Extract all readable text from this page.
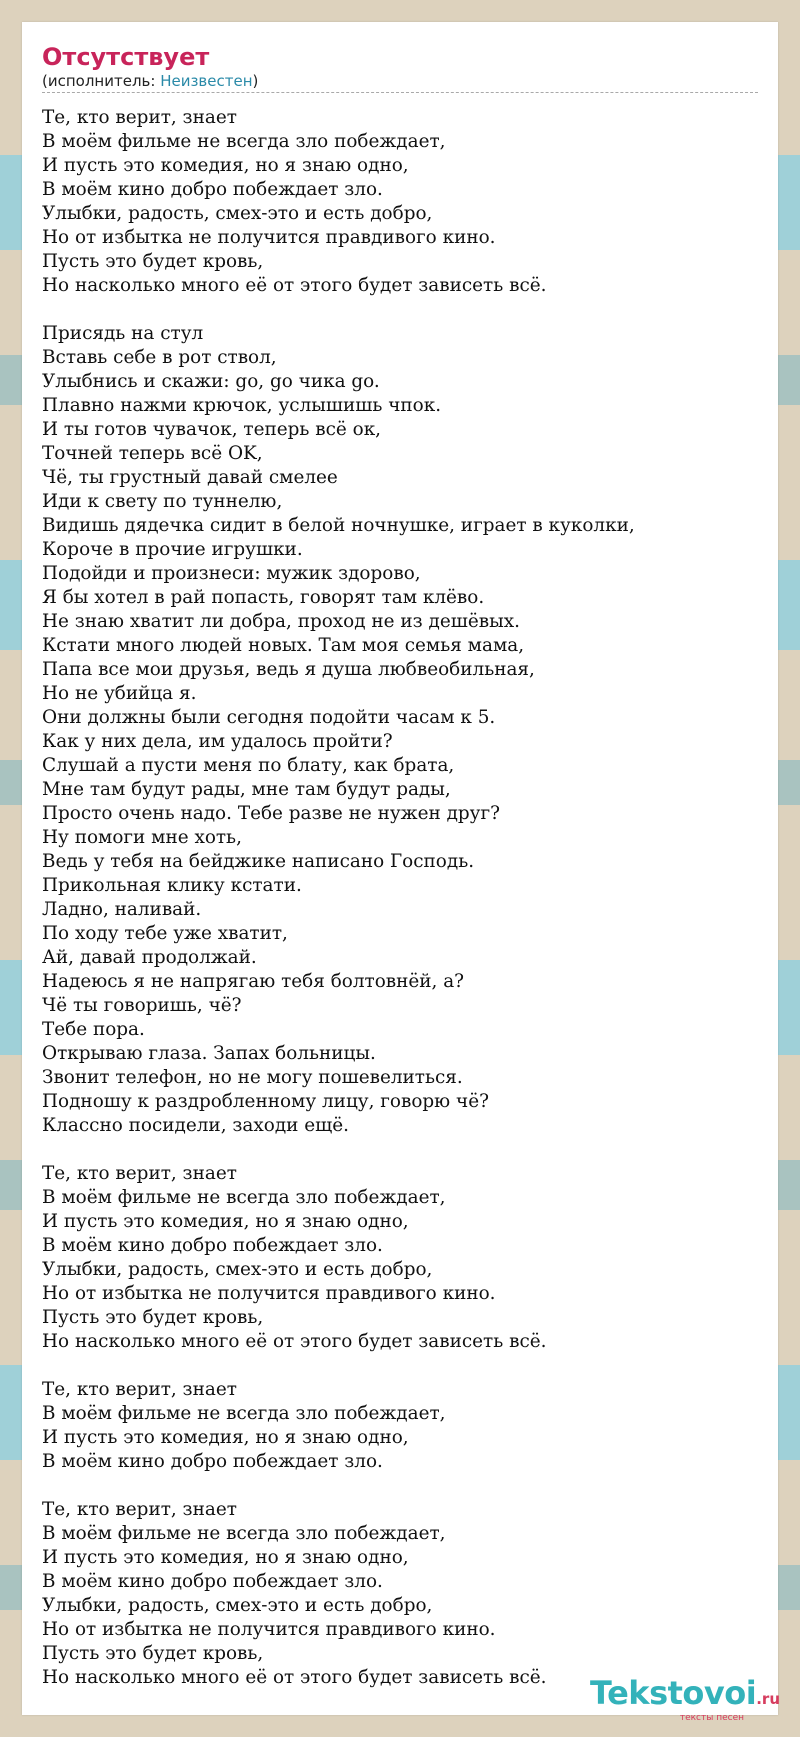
Отсутствует
(исполнитель: Неизвестен)
Те, кто верит, знает
В моём фильме не всегда зло побеждает,
И пусть это комедия, но я знаю одно,
В моём кино добро побеждает зло.
Улыбки, радость, смех-это и есть добро,
Но от избытка не получится правдивого кино.
Пусть это будет кровь,
Но насколько много её от этого будет зависеть всё.
Присядь на стул
Вставь себе в рот ствол,
Улыбнись и скажи: go, go чика go.
Плавно нажми крючок, услышишь чпок.
И ты готов чувачок, теперь всё ок,
Точней теперь всё OK,
Чё, ты грустный давай смелее
Иди к свету по туннелю,
Видишь дядечка сидит в белой ночнушке, играет в куколки,
Короче в прочие игрушки.
Подойди и произнеси: мужик здорово,
Я бы хотел в рай попасть, говорят там клёво.
Не знаю хватит ли добра, проход не из дешёвых.
Кстати много людей новых. Там моя семья мама,
Папа все мои друзья, ведь я душа любвеобильная,
Но не убийца я.
Они должны были сегодня подойти часам к 5.
Как у них дела, им удалось пройти?
Слушай а пусти меня по блату, как брата,
Мне там будут рады, мне там будут рады,
Просто очень надо. Тебе разве не нужен друг?
Ну помоги мне хоть,
Ведь у тебя на бейджике написано Господь.
Прикольная клику кстати.
Ладно, наливай.
По ходу тебе уже хватит,
Ай, давай продолжай.
Надеюсь я не напрягаю тебя болтовнёй, а?
Чё ты говоришь, чё?
Тебе пора.
Открываю глаза. Запах больницы.
Звонит телефон, но не могу пошевелиться.
Подношу к раздробленному лицу, говорю чё?
Классно посидели, заходи ещё.
Те, кто верит, знает
В моём фильме не всегда зло побеждает,
И пусть это комедия, но я знаю одно,
В моём кино добро побеждает зло.
Улыбки, радость, смех-это и есть добро,
Но от избытка не получится правдивого кино.
Пусть это будет кровь,
Но насколько много её от этого будет зависеть всё.
Те, кто верит, знает
В моём фильме не всегда зло побеждает,
И пусть это комедия, но я знаю одно,
В моём кино добро побеждает зло.
Те, кто верит, знает
В моём фильме не всегда зло побеждает,
И пусть это комедия, но я знаю одно,
В моём кино добро побеждает зло.
Улыбки, радость, смех-это и есть добро,
Но от избытка не получится правдивого кино.
Пусть это будет кровь,
Но насколько много её от этого будет зависеть всё.	Tekstovoi.ru
тексты песен
